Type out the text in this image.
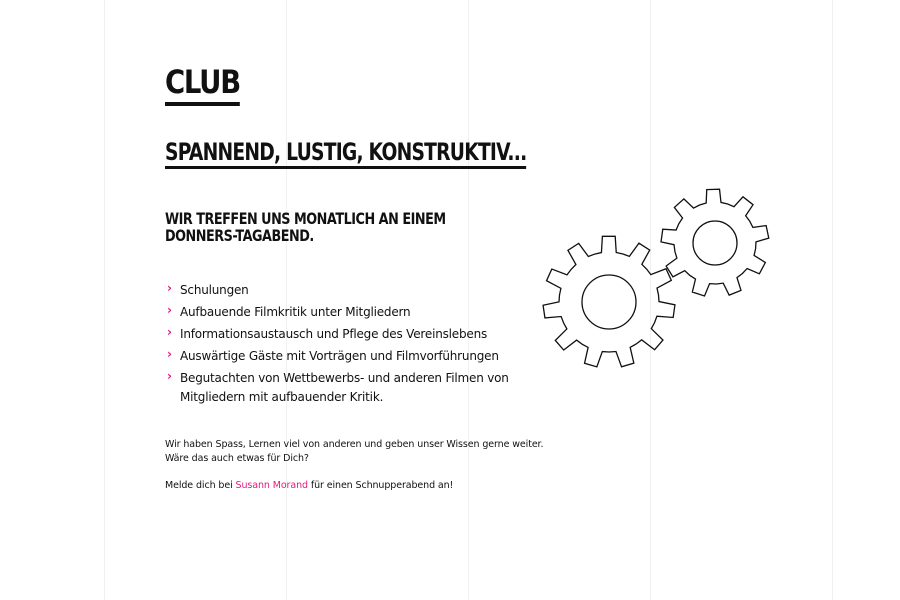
CLUB
SPANNEND, LUSTIG, KONSTRUKTIV...

WIR TREFFEN UNS MONATLICH AN EINEM DONNERS-TAGABEND.

› Schulungen
› Aufbauende Filmkritik unter Mitgliedern
› Informationsaustausch und Pflege des Vereinslebens
› Auswärtige Gäste mit Vorträgen und Filmvorführungen
› Begutachten von Wettbewerbs- und anderen Filmen von Mitgliedern mit aufbauender Kritik.

Wir haben Spass, Lernen viel von anderen und geben unser Wissen gerne weiter.
Wäre das auch etwas für Dich?

Melde dich bei Susann Morand für einen Schnupperabend an!
